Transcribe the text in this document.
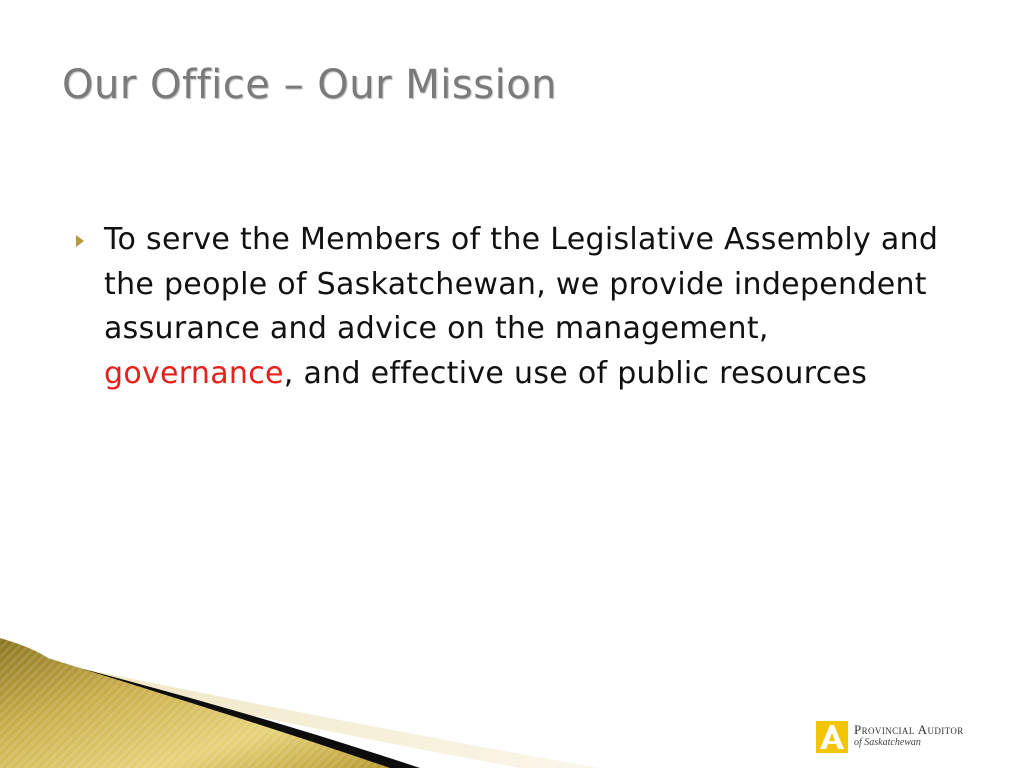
Our Office – Our Mission
To serve the Members of the Legislative Assembly and the people of Saskatchewan, we provide independent assurance and advice on the management, governance, and effective use of public resources
Provincial Auditor
of Saskatchewan
